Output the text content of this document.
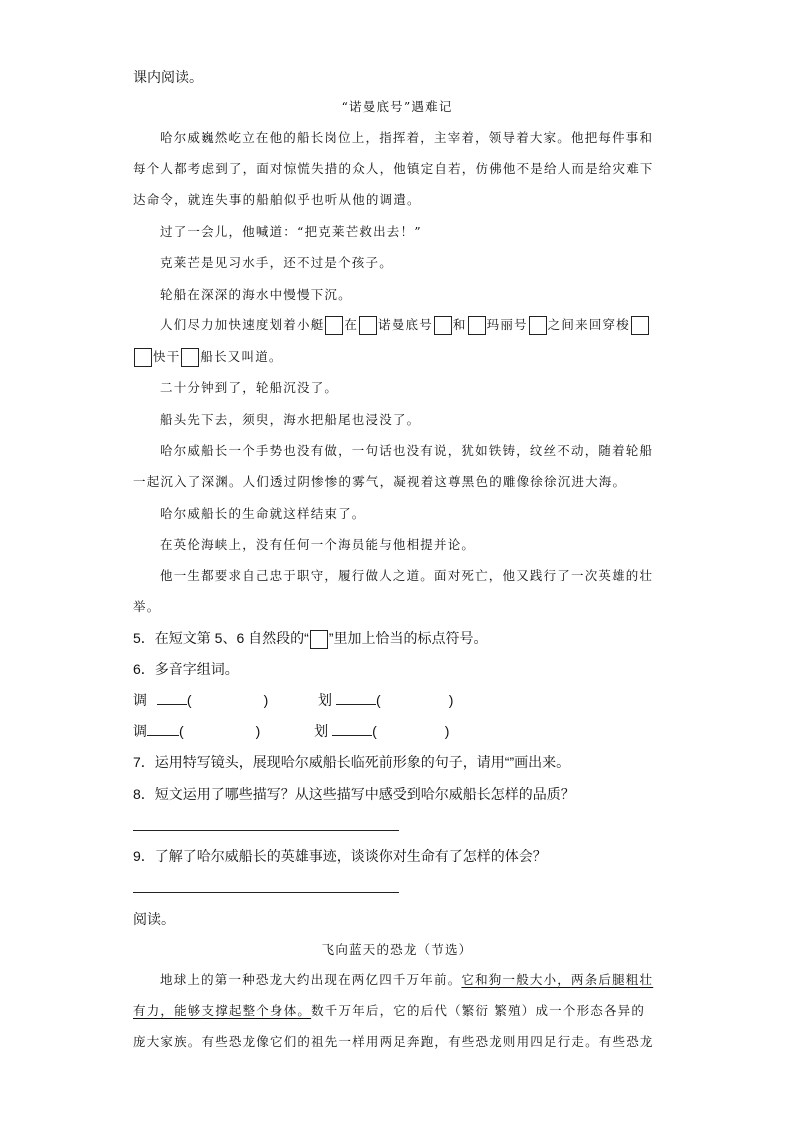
课内阅读。
“诺曼底号”遇难记
哈尔威巍然屹立在他的船长岗位上，指挥着，主宰着，领导着大家。他把每件事和
每个人都考虑到了，面对惊慌失措的众人，他镇定自若，仿佛他不是给人而是给灾难下
达命令，就连失事的船舶似乎也听从他的调遣。
过了一会儿，他喊道：“把克莱芒救出去！”
克莱芒是见习水手，还不过是个孩子。
轮船在深深的海水中慢慢下沉。
人们尽力加快速度划着小艇 在 诺曼底号 和 玛丽号 之间来回穿梭
快干 船长又叫道。
二十分钟到了，轮船沉没了。
船头先下去，须臾，海水把船尾也浸没了。
哈尔威船长一个手势也没有做，一句话也没有说，犹如铁铸，纹丝不动，随着轮船
一起沉入了深渊。人们透过阴惨惨的雾气，凝视着这尊黑色的雕像徐徐沉进大海。
哈尔威船长的生命就这样结束了。
在英伦海峡上，没有任何一个海员能与他相提并论。
他一生都要求自己忠于职守，履行做人之道。面对死亡，他又践行了一次英雄的壮
举。
5．在短文第 5、6 自然段的“ ”里加上恰当的标点符号。
6．多音字组词。
调	(	)	划	(	)
调 (	)	划	(	)
7．运用特写镜头，展现哈尔威船长临死前形象的句子，请用“”画出来。
8．短文运用了哪些描写？从这些描写中感受到哈尔威船长怎样的品质？
9．了解了哈尔威船长的英雄事迹，谈谈你对生命有了怎样的体会？
阅读。
飞向蓝天的恐龙（节选）
地球上的第一种恐龙大约出现在两亿四千万年前。它和狗一般大小，两条后腿粗壮
有力，能够支撑起整个身体。数千万年后，它的后代（繁衍 繁殖）成一个形态各异的
庞大家族。有些恐龙像它们的祖先一样用两足奔跑，有些恐龙则用四足行走。有些恐龙
